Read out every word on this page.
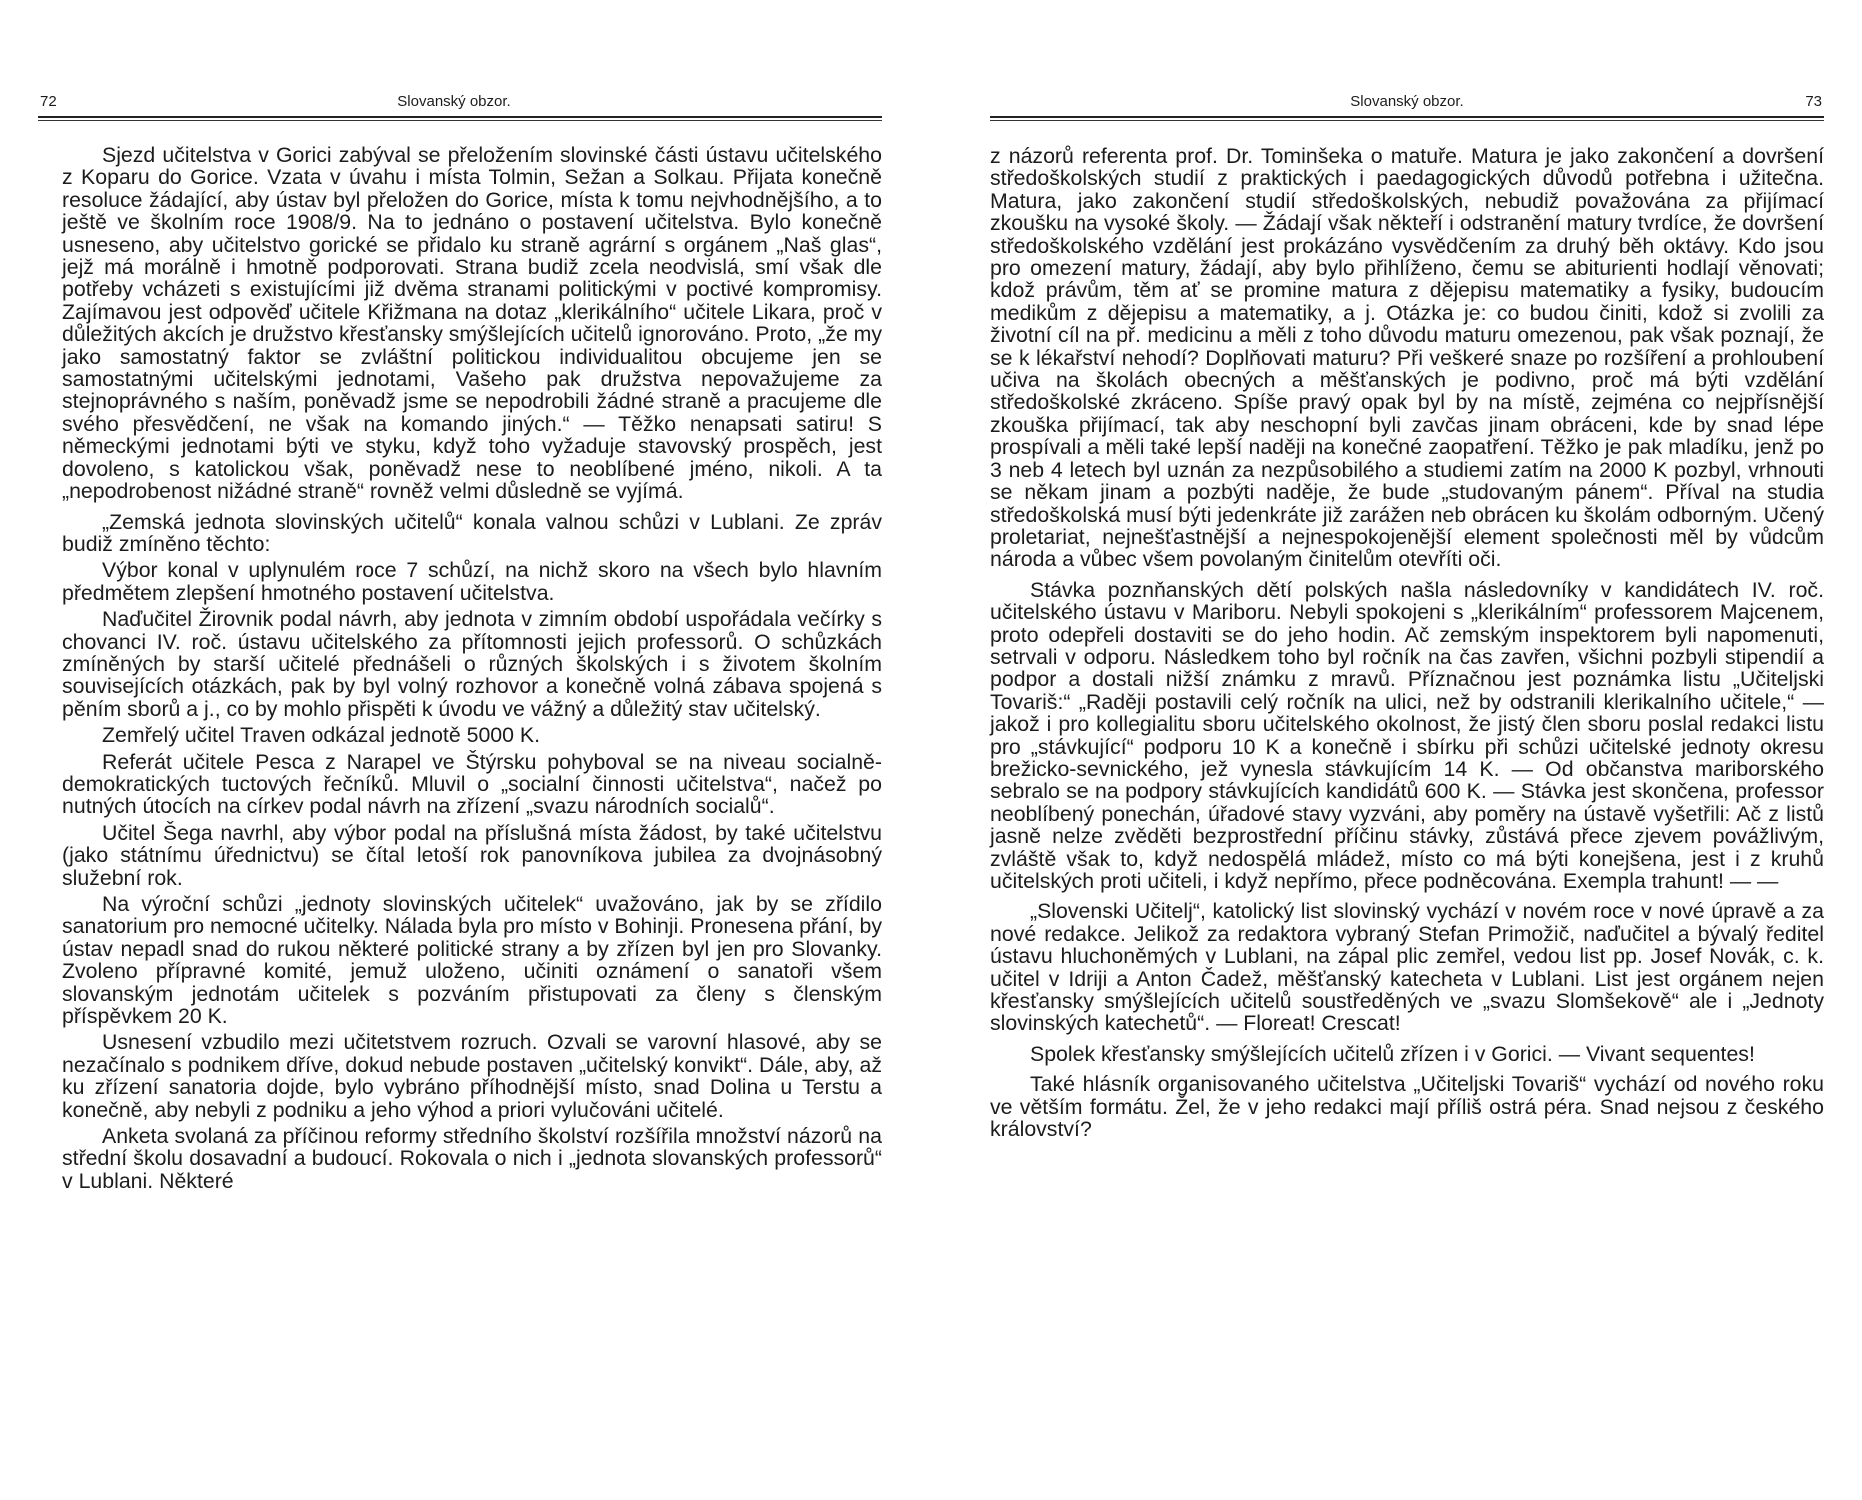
72	Slovanský obzor.

Sjezd učitelstva v Gorici zabýval se přeložením slovinské části ústavu učitelského z Koparu do Gorice. Vzata v úvahu i místa Tolmin, Sežan a Solkau. Přijata konečně resoluce žádající, aby ústav byl přeložen do Gorice, místa k tomu nejvhodnějšího, a to ještě ve školním roce 1908/9. Na to jednáno o postavení učitelstva. Bylo konečně usneseno, aby učitelstvo gorické se přidalo ku straně agrární s orgánem „Naš glas“, jejž má morálně i hmotně podporovati. Strana budiž zcela neodvislá, smí však dle potřeby vcházeti s existujícími již dvěma stranami politickými v poctivé kompromisy. Zajímavou jest odpověď učitele Křižmana na dotaz „klerikálního“ učitele Likara, proč v důležitých akcích je družstvo křesťansky smýšlejících učitelů ignorováno. Proto, „že my jako samostatný faktor se zvláštní politickou individualitou obcujeme jen se samostatnými učitelskými jednotami, Vašeho pak družstva nepovažujeme za stejnoprávného s naším, poněvadž jsme se nepodrobili žádné straně a pracujeme dle svého přesvědčení, ne však na komando jiných.“ — Těžko nenapsati satiru! S německými jednotami býti ve styku, když toho vyžaduje stavovský prospěch, jest dovoleno, s katolickou však, poněvadž nese to neoblíbené jméno, nikoli. A ta „nepodrobenost nižádné straně“ rovněž velmi důsledně se vyjímá.

„Zemská jednota slovinských učitelů“ konala valnou schůzi v Lublani. Ze zpráv budiž zmíněno těchto:

Výbor konal v uplynulém roce 7 schůzí, na nichž skoro na všech bylo hlavním předmětem zlepšení hmotného postavení učitelstva.

Naďučitel Žirovnik podal návrh, aby jednota v zimním období uspořádala večírky s chovanci IV. roč. ústavu učitelského za přítomnosti jejich professorů. O schůzkách zmíněných by starší učitelé přednášeli o různých školských i s životem školním souvisejících otázkách, pak by byl volný rozhovor a konečně volná zábava spojená s pěním sborů a j., co by mohlo přispěti k úvodu ve vážný a důležitý stav učitelský.

Zemřelý učitel Traven odkázal jednotě 5000 K.

Referát učitele Pesca z Narapel ve Štýrsku pohyboval se na niveau socialně-demokratických tuctových řečníků. Mluvil o „socialní činnosti učitelstva“, načež po nutných útocích na církev podal návrh na zřízení „svazu národních socialů“.

Učitel Šega navrhl, aby výbor podal na příslušná místa žádost, by také učitelstvu (jako státnímu úřednictvu) se čítal letoší rok panovníkova jubilea za dvojnásobný služební rok.

Na výroční schůzi „jednoty slovinských učitelek“ uvažováno, jak by se zřídilo sanatorium pro nemocné učitelky. Nálada byla pro místo v Bohinji. Pronesena přání, by ústav nepadl snad do rukou některé politické strany a by zřízen byl jen pro Slovanky. Zvoleno přípravné komité, jemuž uloženo, učiniti oznámení o sanatoři všem slovanským jednotám učitelek s pozváním přistupovati za členy s členským příspěvkem 20 K.

Usnesení vzbudilo mezi učitetstvem rozruch. Ozvali se varovní hlasové, aby se nezačínalo s podnikem dříve, dokud nebude postaven „učitelský konvikt“. Dále, aby, až ku zřízení sanatoria dojde, bylo vybráno příhodnější místo, snad Dolina u Terstu a konečně, aby nebyli z podniku a jeho výhod a priori vylučováni učitelé.

Anketa svolaná za příčinou reformy středního školství rozšířila množství názorů na střední školu dosavadní a budoucí. Rokovala o nich i „jednota slovanských professorů“ v Lublani. Některé

Slovanský obzor.	73

z názorů referenta prof. Dr. Tominšeka o matuře. Matura je jako zakončení a dovršení středoškolských studií z praktických i paedagogických důvodů potřebna i užitečna. Matura, jako zakončení studií středoškolských, nebudiž považována za přijímací zkoušku na vysoké školy. — Žádají však někteří i odstranění matury tvrdíce, že dovršení středoškolského vzdělání jest prokázáno vysvědčením za druhý běh oktávy. Kdo jsou pro omezení matury, žádají, aby bylo přihlíženo, čemu se abiturienti hodlají věnovati; kdož právům, těm ať se promine matura z dějepisu matematiky a fysiky, budoucím medikům z dějepisu a matematiky, a j. Otázka je: co budou činiti, kdož si zvolili za životní cíl na př. medicinu a měli z toho důvodu maturu omezenou, pak však poznají, že se k lékařství nehodí? Doplňovati maturu? Při veškeré snaze po rozšíření a prohloubení učiva na školách obecných a měšťanských je podivno, proč má býti vzdělání středoškolské zkráceno. Spíše pravý opak byl by na místě, zejména co nejpřísnější zkouška přijímací, tak aby neschopní byli zavčas jinam obráceni, kde by snad lépe prospívali a měli také lepší naději na konečné zaopatření. Těžko je pak mladíku, jenž po 3 neb 4 letech byl uznán za nezpůsobilého a studiemi zatím na 2000 K pozbyl, vrhnouti se někam jinam a pozbýti naděje, že bude „studovaným pánem“. Příval na studia středoškolská musí býti jedenkráte již zarážen neb obrácen ku školám odborným. Učený proletariat, nejnešťastnější a nejnespokojenější element společnosti měl by vůdcům národa a vůbec všem povolaným činitelům otevříti oči.

Stávka poznňanských dětí polských našla následovníky v kandidátech IV. roč. učitelského ústavu v Mariboru. Nebyli spokojeni s „klerikálním“ professorem Majcenem, proto odepřeli dostaviti se do jeho hodin. Ač zemským inspektorem byli napomenuti, setrvali v odporu. Následkem toho byl ročník na čas zavřen, všichni pozbyli stipendií a podpor a dostali nižší známku z mravů. Příznačnou jest poznámka listu „Učiteljski Tovariš:“ „Raději postavili celý ročník na ulici, než by odstranili klerikalního učitele,“ — jakož i pro kollegialitu sboru učitelského okolnost, že jistý člen sboru poslal redakci listu pro „stávkující“ podporu 10 K a konečně i sbírku při schůzi učitelské jednoty okresu brežicko-sevnického, jež vynesla stávkujícím 14 K. — Od občanstva mariborského sebralo se na podpory stávkujících kandidátů 600 K. — Stávka jest skončena, professor neoblíbený ponechán, úřadové stavy vyzváni, aby poměry na ústavě vyšetřili: Ač z listů jasně nelze zvěděti bezprostřední příčinu stávky, zůstává přece zjevem povážlivým, zvláště však to, když nedospělá mládež, místo co má býti konejšena, jest i z kruhů učitelských proti učiteli, i když nepřímo, přece podněcována. Exempla trahunt! — —

„Slovenski Učitelj“, katolický list slovinský vychází v novém roce v nové úpravě a za nové redakce. Jelikož za redaktora vybraný Stefan Primožič, naďučitel a bývalý ředitel ústavu hluchoněmých v Lublani, na zápal plic zemřel, vedou list pp. Josef Novák, c. k. učitel v Idriji a Anton Čadež, měšťanský katecheta v Lublani. List jest orgánem nejen křesťansky smýšlejících učitelů soustředěných ve „svazu Slomšekově“ ale i „Jednoty slovinských katechetů“. — Floreat! Crescat!

Spolek křesťansky smýšlejících učitelů zřízen i v Gorici. — Vivant sequentes!

Také hlásník organisovaného učitelstva „Učiteljski Tovariš“ vychází od nového roku ve větším formátu. Žel, že v jeho redakci mají příliš ostrá péra. Snad nejsou z českého království?
